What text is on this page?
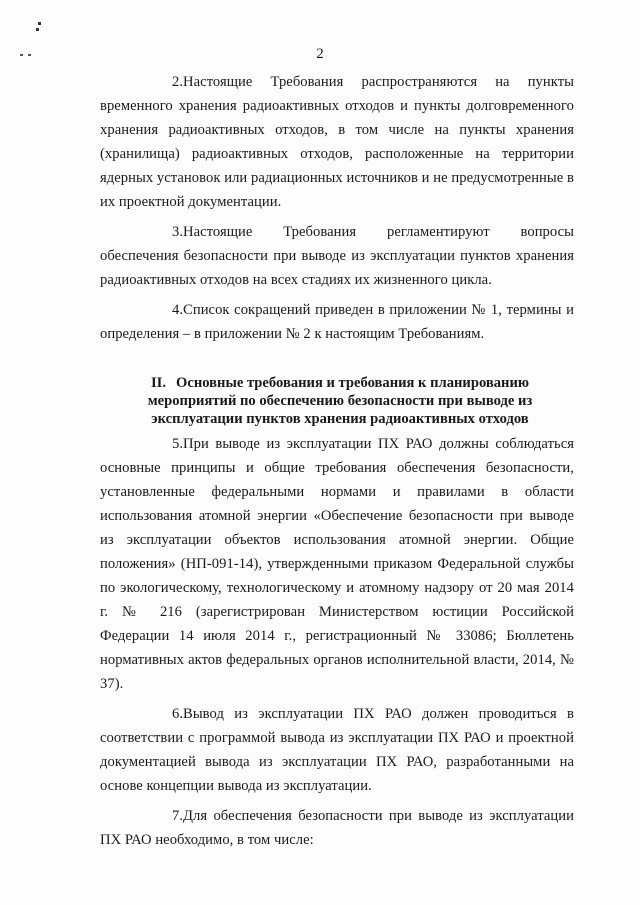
2

2.Настоящие Требования распространяются на пункты временного хранения радиоактивных отходов и пункты долговременного хранения радиоактивных отходов, в том числе на пункты хранения (хранилища) радиоактивных отходов, расположенные на территории ядерных установок или радиационных источников и не предусмотренные в их проектной документации.

3.Настоящие Требования регламентируют вопросы обеспечения безопасности при выводе из эксплуатации пунктов хранения радиоактивных отходов на всех стадиях их жизненного цикла.

4.Список сокращений приведен в приложении № 1, термины и определения – в приложении № 2 к настоящим Требованиям.

II. Основные требования и требования к планированию мероприятий по обеспечению безопасности при выводе из эксплуатации пунктов хранения радиоактивных отходов

5.При выводе из эксплуатации ПХ РАО должны соблюдаться основные принципы и общие требования обеспечения безопасности, установленные федеральными нормами и правилами в области использования атомной энергии «Обеспечение безопасности при выводе из эксплуатации объектов использования атомной энергии. Общие положения» (НП-091-14), утвержденными приказом Федеральной службы по экологическому, технологическому и атомному надзору от 20 мая 2014 г. № 216 (зарегистрирован Министерством юстиции Российской Федерации 14 июля 2014 г., регистрационный № 33086; Бюллетень нормативных актов федеральных органов исполнительной власти, 2014, № 37).

6.Вывод из эксплуатации ПХ РАО должен проводиться в соответствии с программой вывода из эксплуатации ПХ РАО и проектной документацией вывода из эксплуатации ПХ РАО, разработанными на основе концепции вывода из эксплуатации.

7.Для обеспечения безопасности при выводе из эксплуатации ПХ РАО необходимо, в том числе:
